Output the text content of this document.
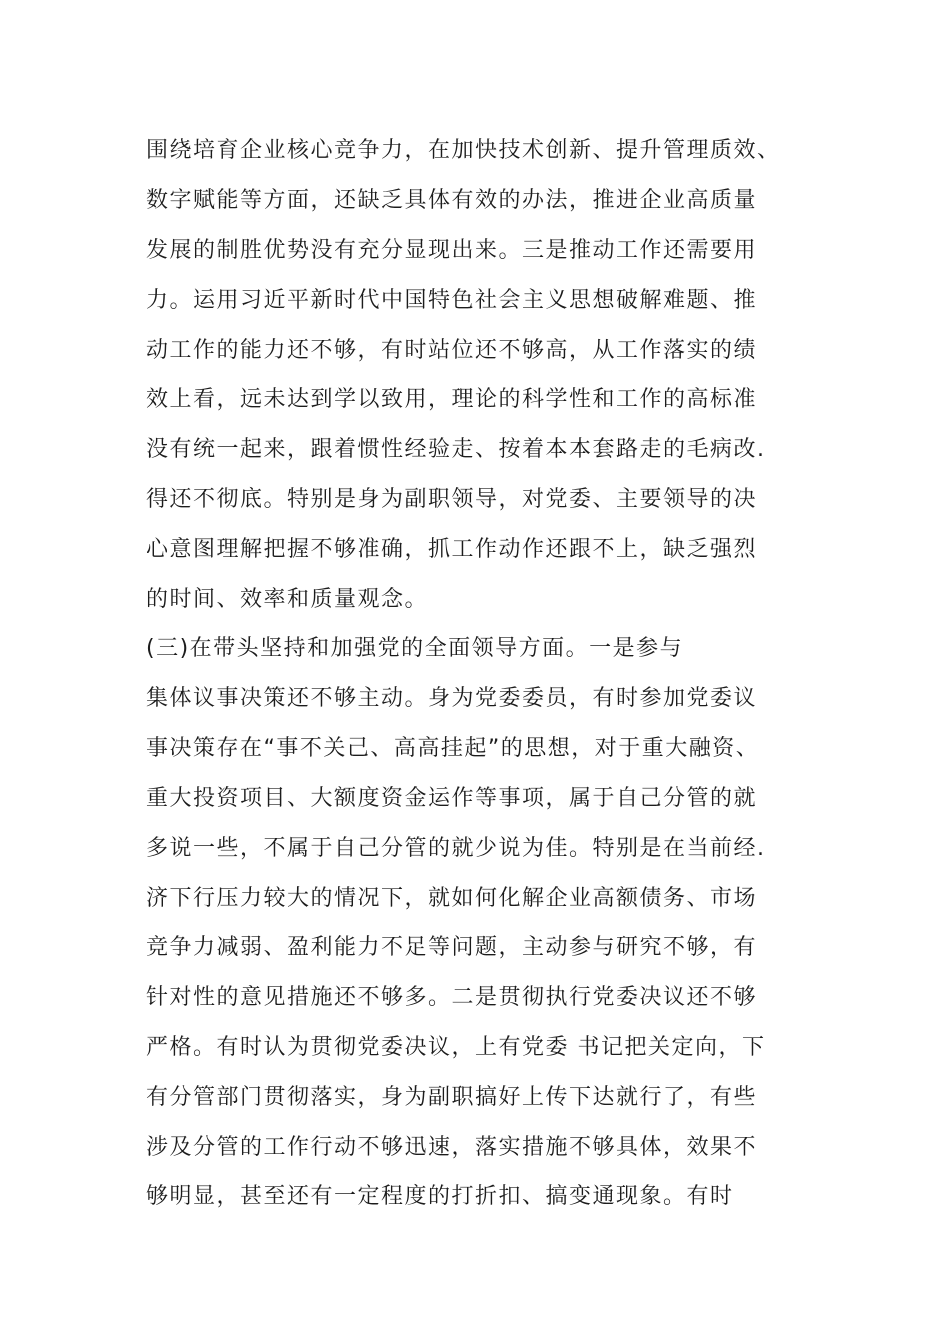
围绕培育企业核心竞争力，在加快技术创新、提升管理质效、
数字赋能等方面，还缺乏具体有效的办法，推进企业高质量
发展的制胜优势没有充分显现出来。三是推动工作还需要用
力。运用习近平新时代中国特色社会主义思想破解难题、推
动工作的能力还不够，有时站位还不够高，从工作落实的绩
效上看，远未达到学以致用，理论的科学性和工作的高标准
没有统一起来，跟着惯性经验走、按着本本套路走的毛病改.
得还不彻底。特别是身为副职领导，对党委、主要领导的决
心意图理解把握不够准确，抓工作动作还跟不上，缺乏强烈
的时间、效率和质量观念。
(三)在带头坚持和加强党的全面领导方面。一是参与
集体议事决策还不够主动。身为党委委员，有时参加党委议
事决策存在“事不关己、高高挂起”的思想，对于重大融资、
重大投资项目、大额度资金运作等事项，属于自己分管的就
多说一些，不属于自己分管的就少说为佳。特别是在当前经.
济下行压力较大的情况下，就如何化解企业高额债务、市场
竞争力减弱、盈利能力不足等问题，主动参与研究不够，有
针对性的意见措施还不够多。二是贯彻执行党委决议还不够
严格。有时认为贯彻党委决议，上有党委 书记把关定向，下
有分管部门贯彻落实，身为副职搞好上传下达就行了，有些
涉及分管的工作行动不够迅速，落实措施不够具体，效果不
够明显，甚至还有一定程度的打折扣、搞变通现象。有时
